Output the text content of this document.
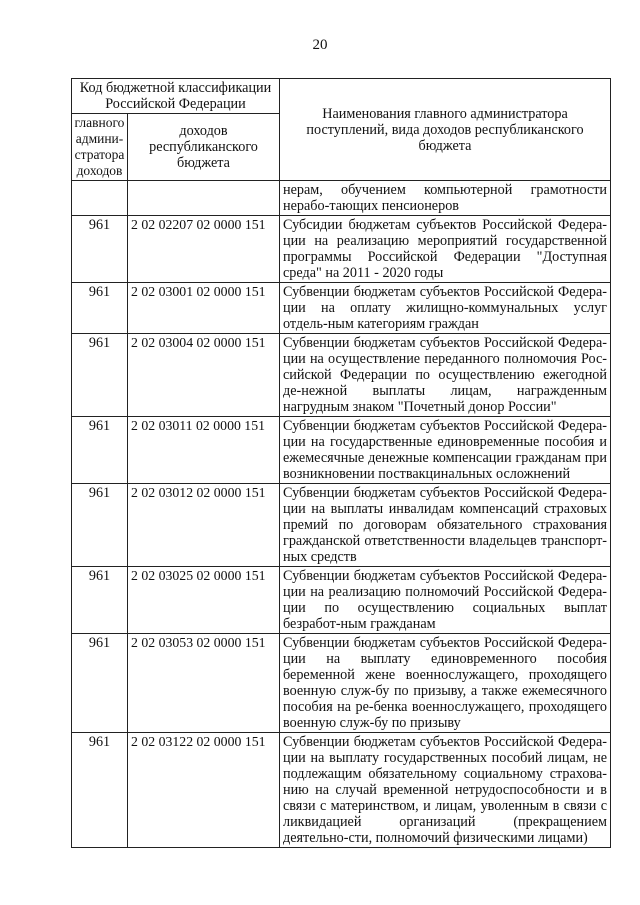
20
Код бюджетной классификации Российской Федерации		Наименования главного администратора поступлений, вида доходов республиканского бюджета
главного админи-стратора доходов	доходов республиканского бюджета	
		нерам, обучением компьютерной грамотности нерабо-тающих пенсионеров
961	2 02 02207 02 0000 151	Субсидии бюджетам субъектов Российской Федера-ции на реализацию мероприятий государственной программы Российской Федерации "Доступная среда" на 2011 - 2020 годы
961	2 02 03001 02 0000 151	Субвенции бюджетам субъектов Российской Федера-ции на оплату жилищно-коммунальных услуг отдель-ным категориям граждан
961	2 02 03004 02 0000 151	Субвенции бюджетам субъектов Российской Федера-ции на осуществление переданного полномочия Рос-сийской Федерации по осуществлению ежегодной де-нежной выплаты лицам, награжденным нагрудным знаком "Почетный донор России"
961	2 02 03011 02 0000 151	Субвенции бюджетам субъектов Российской Федера-ции на государственные единовременные пособия и ежемесячные денежные компенсации гражданам при возникновении поствакцинальных осложнений
961	2 02 03012 02 0000 151	Субвенции бюджетам субъектов Российской Федера-ции на выплаты инвалидам компенсаций страховых премий по договорам обязательного страхования гражданской ответственности владельцев транспорт-ных средств
961	2 02 03025 02 0000 151	Субвенции бюджетам субъектов Российской Федера-ции на реализацию полномочий Российской Федера-ции по осуществлению социальных выплат безработ-ным гражданам
961	2 02 03053 02 0000 151	Субвенции бюджетам субъектов Российской Федера-ции на выплату единовременного пособия беременной жене военнослужащего, проходящего военную служ-бу по призыву, а также ежемесячного пособия на ре-бенка военнослужащего, проходящего военную служ-бу по призыву
961	2 02 03122 02 0000 151	Субвенции бюджетам субъектов Российской Федера-ции на выплату государственных пособий лицам, не подлежащим обязательному социальному страхова-нию на случай временной нетрудоспособности и в связи с материнством, и лицам, уволенным в связи с ликвидацией организаций (прекращением деятельно-сти, полномочий физическими лицами)
